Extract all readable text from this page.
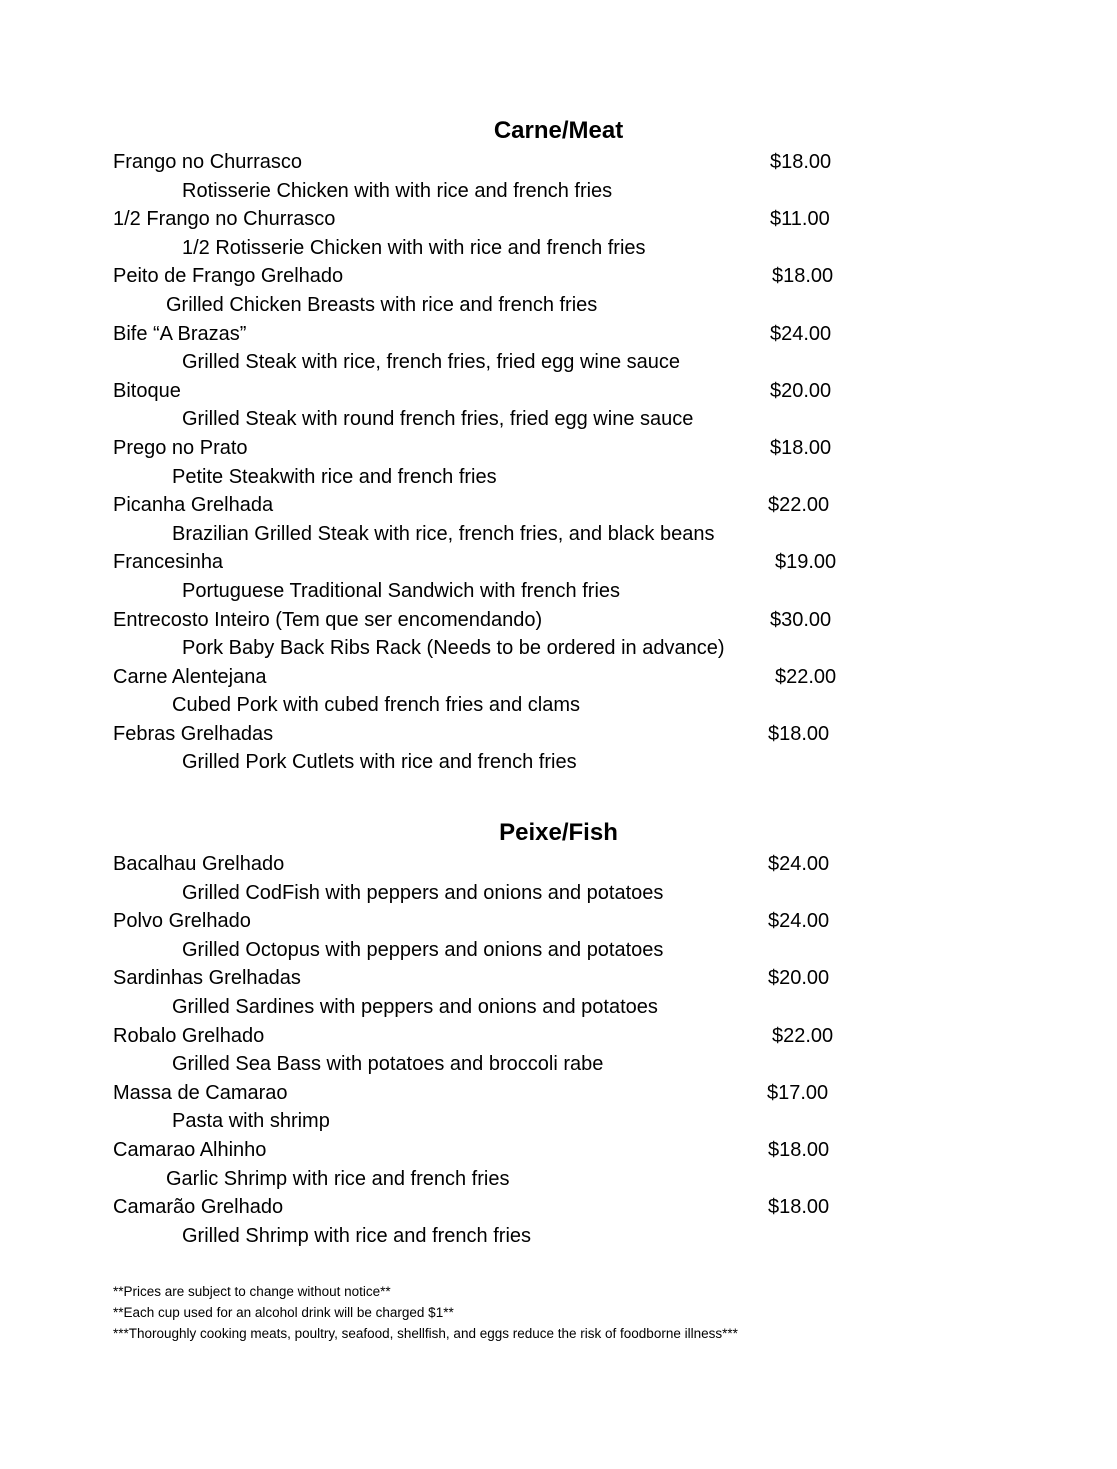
Carne/Meat
Frango no Churrasco	$18.00
Rotisserie Chicken with with rice and french fries
1/2 Frango no Churrasco	$11.00
1/2 Rotisserie Chicken with with rice and french fries
Peito de Frango Grelhado	$18.00
Grilled Chicken Breasts with rice and french fries
Bife “A Brazas”	$24.00
Grilled Steak with rice, french fries, fried egg wine sauce
Bitoque	$20.00
Grilled Steak with round french fries, fried egg wine sauce
Prego no Prato	$18.00
Petite Steakwith rice and french fries
Picanha Grelhada	$22.00
Brazilian Grilled Steak with rice, french fries, and black beans
Francesinha	$19.00
Portuguese Traditional Sandwich with french fries
Entrecosto Inteiro (Tem que ser encomendando)	$30.00
Pork Baby Back Ribs Rack (Needs to be ordered in advance)
Carne Alentejana	$22.00
Cubed Pork with cubed french fries and clams
Febras Grelhadas	$18.00
Grilled Pork Cutlets with rice and french fries
Peixe/Fish
Bacalhau Grelhado	$24.00
Grilled CodFish with peppers and onions and potatoes
Polvo Grelhado	$24.00
Grilled Octopus with peppers and onions and potatoes
Sardinhas Grelhadas	$20.00
Grilled Sardines with peppers and onions and potatoes
Robalo Grelhado	$22.00
Grilled Sea Bass with potatoes and broccoli rabe
Massa de Camarao	$17.00
Pasta with shrimp
Camarao Alhinho	$18.00
Garlic Shrimp with rice and french fries
Camarão Grelhado	$18.00
Grilled Shrimp with rice and french fries
**Prices are subject to change without notice**
**Each cup used for an alcohol drink will be charged $1**
***Thoroughly cooking meats, poultry, seafood, shellfish, and eggs reduce the risk of foodborne illness***
